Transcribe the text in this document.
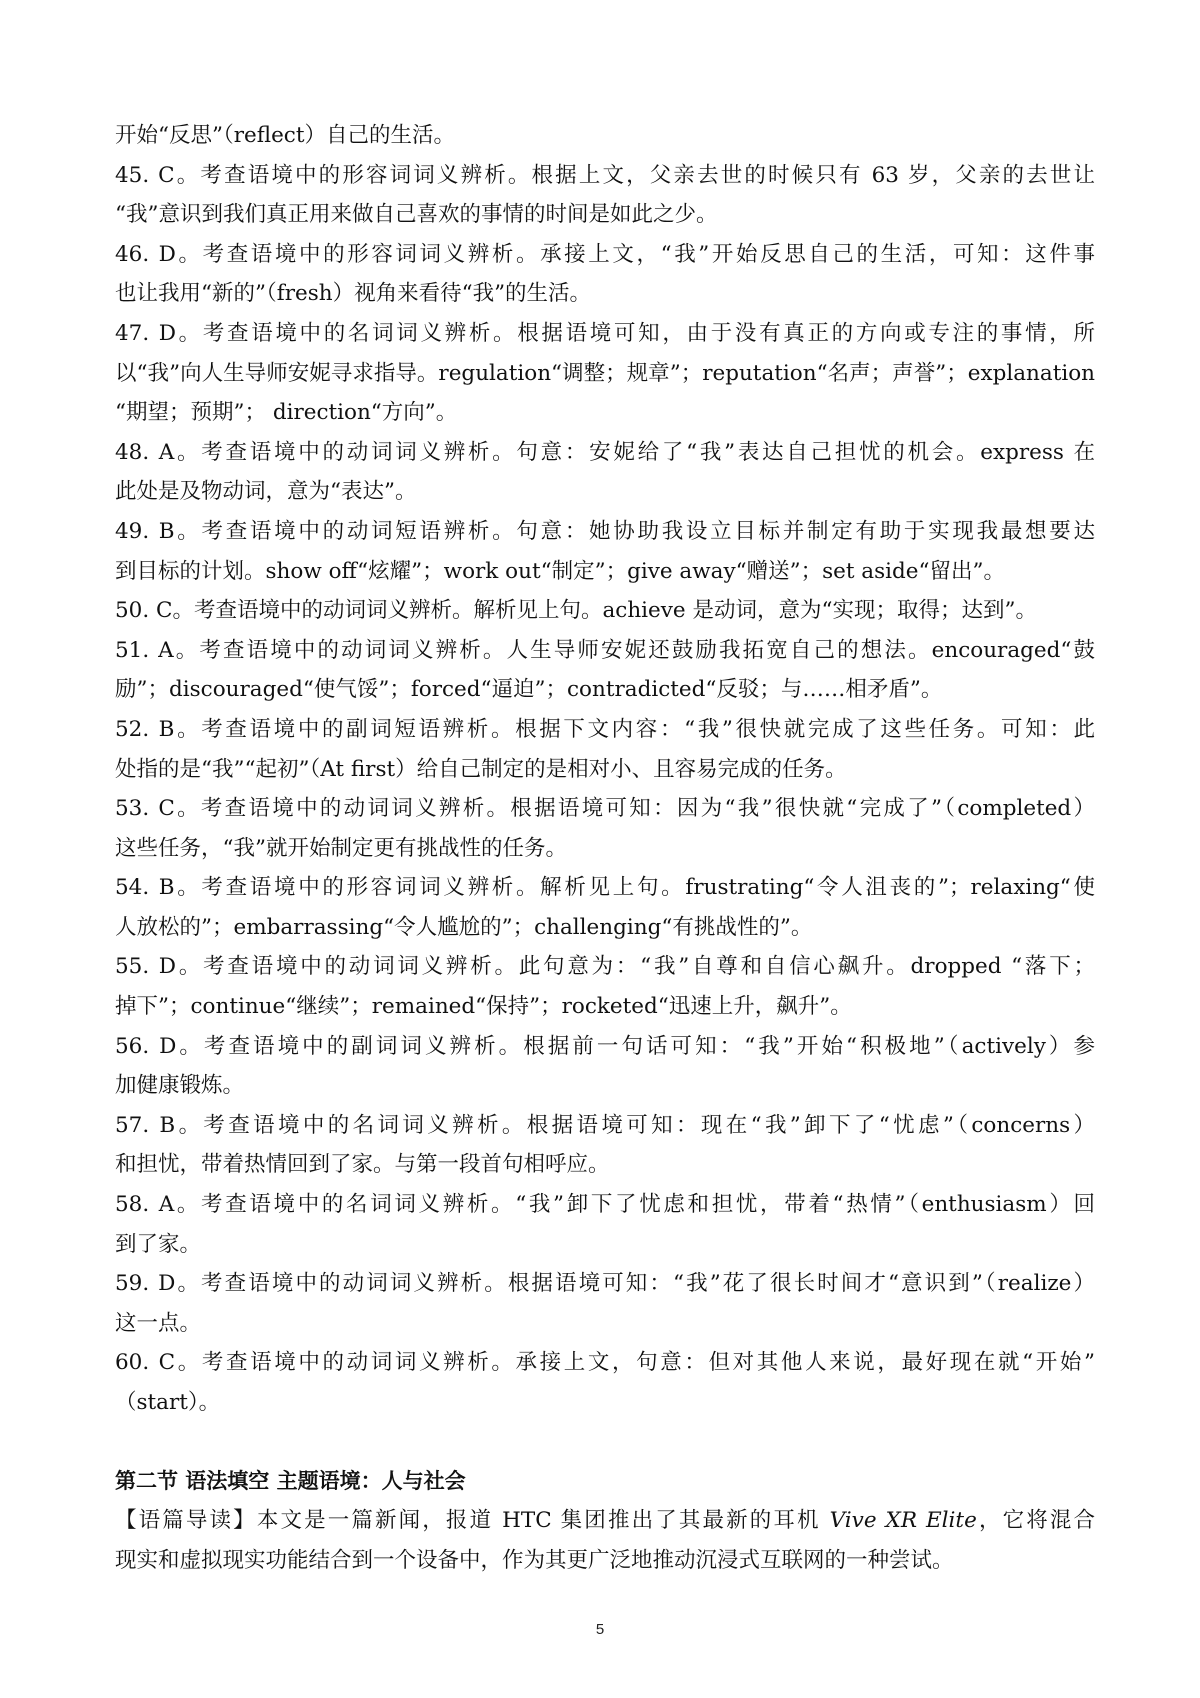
开始“反思”（reflect）自己的生活。
45. C。考查语境中的形容词词义辨析。根据上文，父亲去世的时候只有 63 岁，父亲的去世让
“我”意识到我们真正用来做自己喜欢的事情的时间是如此之少。
46. D。考查语境中的形容词词义辨析。承接上文，“我”开始反思自己的生活，可知：这件事
也让我用“新的”（fresh）视角来看待“我”的生活。
47. D。考查语境中的名词词义辨析。根据语境可知，由于没有真正的方向或专注的事情，所
以“我”向人生导师安妮寻求指导。regulation“调整；规章”；reputation“名声；声誉”；explanation
“期望；预期”； direction“方向”。
48. A。考查语境中的动词词义辨析。句意：安妮给了“我”表达自己担忧的机会。express 在
此处是及物动词，意为“表达”。
49. B。考查语境中的动词短语辨析。句意：她协助我设立目标并制定有助于实现我最想要达
到目标的计划。show off“炫耀”；work out“制定”；give away“赠送”；set aside“留出”。
50. C。考查语境中的动词词义辨析。解析见上句。achieve 是动词，意为“实现；取得；达到”。
51. A。考查语境中的动词词义辨析。人生导师安妮还鼓励我拓宽自己的想法。encouraged“鼓
励”；discouraged“使气馁”；forced“逼迫”；contradicted“反驳；与……相矛盾”。
52. B。考查语境中的副词短语辨析。根据下文内容：“我”很快就完成了这些任务。可知：此
处指的是“我”“起初”（At first）给自己制定的是相对小、且容易完成的任务。
53. C。考查语境中的动词词义辨析。根据语境可知：因为“我”很快就“完成了”（completed）
这些任务，“我”就开始制定更有挑战性的任务。
54. B。考查语境中的形容词词义辨析。解析见上句。frustrating“令人沮丧的”；relaxing“使
人放松的”；embarrassing“令人尴尬的”；challenging“有挑战性的”。
55. D。考查语境中的动词词义辨析。此句意为：“我”自尊和自信心飙升。dropped “落下；
掉下”；continue“继续”；remained“保持”；rocketed“迅速上升，飙升”。
56. D。考查语境中的副词词义辨析。根据前一句话可知：“我”开始“积极地”（actively）参
加健康锻炼。
57. B。考查语境中的名词词义辨析。根据语境可知：现在“我”卸下了“忧虑”（concerns）
和担忧，带着热情回到了家。与第一段首句相呼应。
58. A。考查语境中的名词词义辨析。“我”卸下了忧虑和担忧，带着“热情”（enthusiasm）回
到了家。
59. D。考查语境中的动词词义辨析。根据语境可知：“我”花了很长时间才“意识到”（realize）
这一点。
60. C。考查语境中的动词词义辨析。承接上文，句意：但对其他人来说，最好现在就“开始”
（start）。
第二节 语法填空 主题语境：人与社会
【语篇导读】本文是一篇新闻，报道 HTC 集团推出了其最新的耳机 Vive XR Elite，它将混合
现实和虚拟现实功能结合到一个设备中，作为其更广泛地推动沉浸式互联网的一种尝试。
5
